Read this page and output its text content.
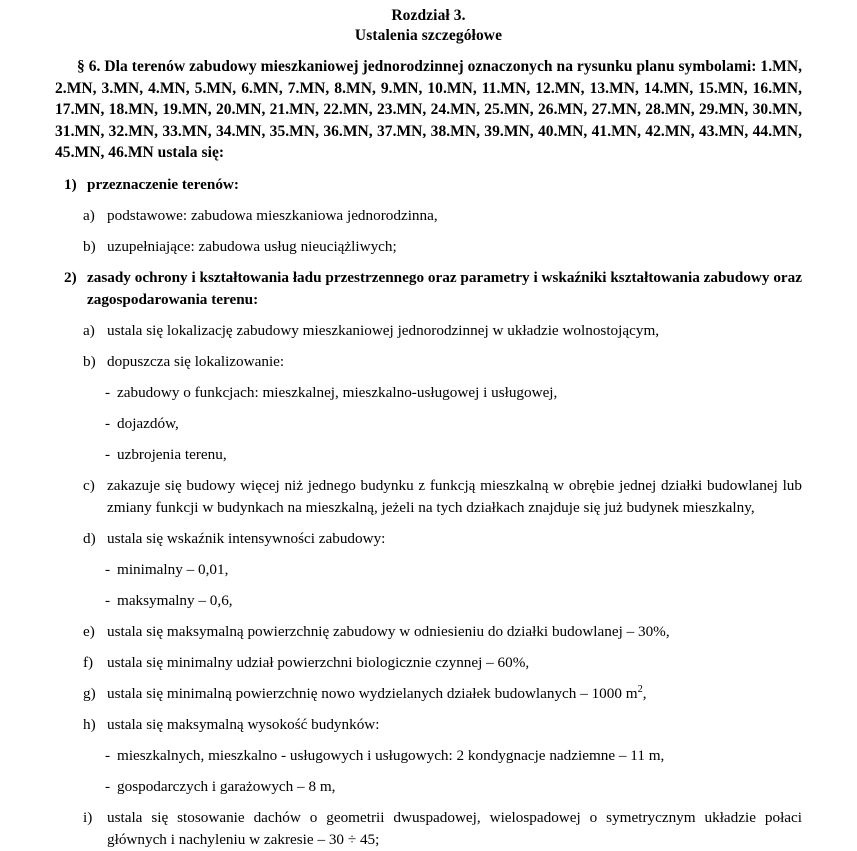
Rozdział 3.
Ustalenia szczegółowe

§ 6. Dla terenów zabudowy mieszkaniowej jednorodzinnej oznaczonych na rysunku planu symbolami: 1.MN, 2.MN, 3.MN, 4.MN, 5.MN, 6.MN, 7.MN, 8.MN, 9.MN, 10.MN, 11.MN, 12.MN, 13.MN, 14.MN, 15.MN, 16.MN, 17.MN, 18.MN, 19.MN, 20.MN, 21.MN, 22.MN, 23.MN, 24.MN, 25.MN, 26.MN, 27.MN, 28.MN, 29.MN, 30.MN, 31.MN, 32.MN, 33.MN, 34.MN, 35.MN, 36.MN, 37.MN, 38.MN, 39.MN, 40.MN, 41.MN, 42.MN, 43.MN, 44.MN, 45.MN, 46.MN ustala się:

1) przeznaczenie terenów:
a) podstawowe: zabudowa mieszkaniowa jednorodzinna,
b) uzupełniające: zabudowa usług nieuciążliwych;
2) zasady ochrony i kształtowania ładu przestrzennego oraz parametry i wskaźniki kształtowania zabudowy oraz zagospodarowania terenu:
a) ustala się lokalizację zabudowy mieszkaniowej jednorodzinnej w układzie wolnostojącym,
b) dopuszcza się lokalizowanie:
- zabudowy o funkcjach: mieszkalnej, mieszkalno-usługowej i usługowej,
- dojazdów,
- uzbrojenia terenu,
c) zakazuje się budowy więcej niż jednego budynku z funkcją mieszkalną w obrębie jednej działki budowlanej lub zmiany funkcji w budynkach na mieszkalną, jeżeli na tych działkach znajduje się już budynek mieszkalny,
d) ustala się wskaźnik intensywności zabudowy:
- minimalny – 0,01,
- maksymalny – 0,6,
e) ustala się maksymalną powierzchnię zabudowy w odniesieniu do działki budowlanej – 30%,
f) ustala się minimalny udział powierzchni biologicznie czynnej – 60%,
g) ustala się minimalną powierzchnię nowo wydzielanych działek budowlanych – 1000 $m^2$,
h) ustala się maksymalną wysokość budynków:
- mieszkalnych, mieszkalno - usługowych i usługowych: 2 kondygnacje nadziemne – 11 m,
- gospodarczych i garażowych – 8 m,
i) ustala się stosowanie dachów o geometrii dwuspadowej, wielospadowej o symetrycznym układzie połaci głównych i nachyleniu w zakresie – 30 ÷ 45;
